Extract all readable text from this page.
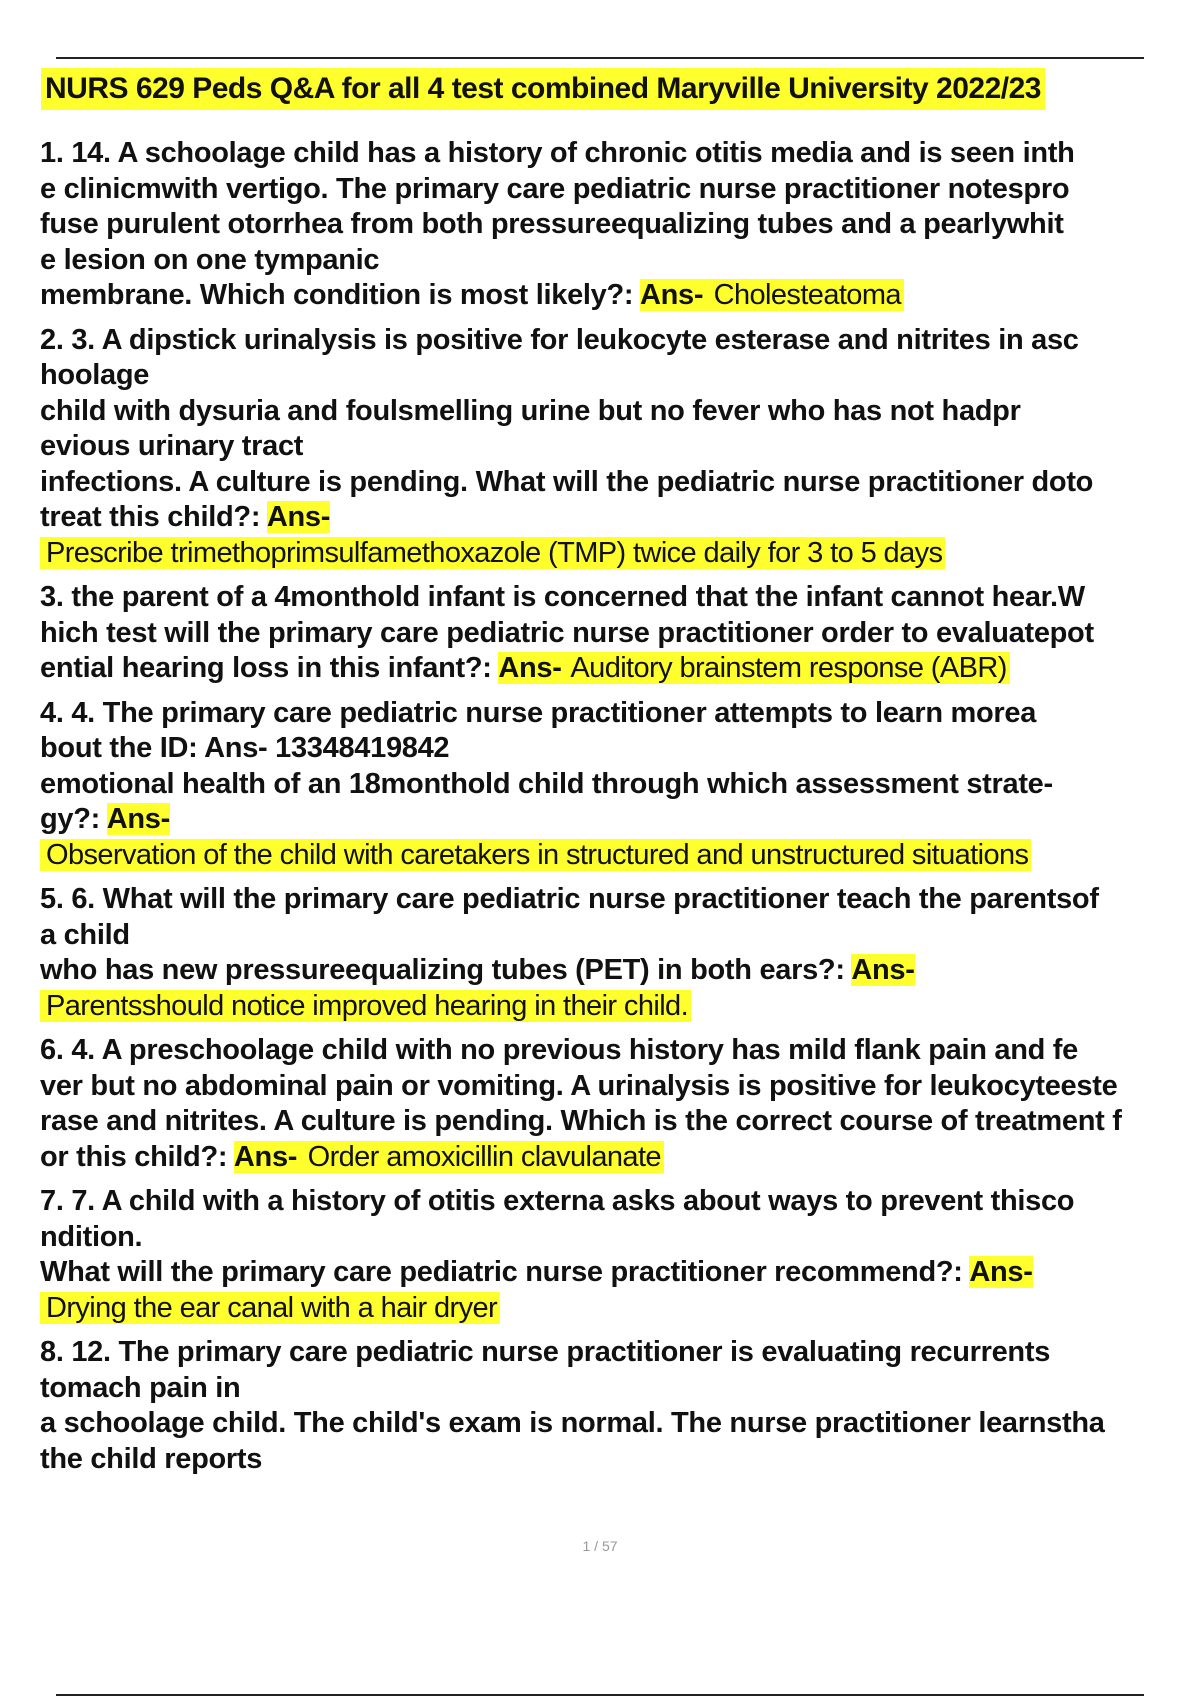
NURS 629 Peds Q&A for all 4 test combined Maryville University 2022/23
1. 14. A schoolage child has a history of chronic otitis media and is seen inth
e clinicmwith vertigo. The primary care pediatric nurse practitioner notespro
fuse purulent otorrhea from both pressureequalizing tubes and a pearlywhit
e lesion on one tympanic
membrane. Which condition is most likely?: Ans- Cholesteatoma
2. 3. A dipstick urinalysis is positive for leukocyte esterase and nitrites in asc
hoolage
child with dysuria and foulsmelling urine but no fever who has not hadpr
evious urinary tract
infections. A culture is pending. What will the pediatric nurse practitioner doto
treat this child?: Ans-
Prescribe trimethoprimsulfamethoxazole (TMP) twice daily for 3 to 5 days
3. the parent of a 4monthold infant is concerned that the infant cannot hear.W
hich test will the primary care pediatric nurse practitioner order to evaluatepot
ential hearing loss in this infant?: Ans- Auditory brainstem response (ABR)
4. 4. The primary care pediatric nurse practitioner attempts to learn morea
bout the ID: Ans- 13348419842
emotional health of an 18monthold child through which assessment strate-
gy?: Ans-
Observation of the child with caretakers in structured and unstructured situations
5. 6. What will the primary care pediatric nurse practitioner teach the parentsof
a child
who has new pressureequalizing tubes (PET) in both ears?: Ans-
Parentsshould notice improved hearing in their child.
6. 4. A preschoolage child with no previous history has mild flank pain and fe
ver but no abdominal pain or vomiting. A urinalysis is positive for leukocyteeste
rase and nitrites. A culture is pending. Which is the correct course of treatment f
or this child?: Ans- Order amoxicillin clavulanate
7. 7. A child with a history of otitis externa asks about ways to prevent thisco
ndition.
What will the primary care pediatric nurse practitioner recommend?: Ans-
Drying the ear canal with a hair dryer
8. 12. The primary care pediatric nurse practitioner is evaluating recurrents
tomach pain in
a schoolage child. The child's exam is normal. The nurse practitioner learnstha
the child reports
1 / 57
